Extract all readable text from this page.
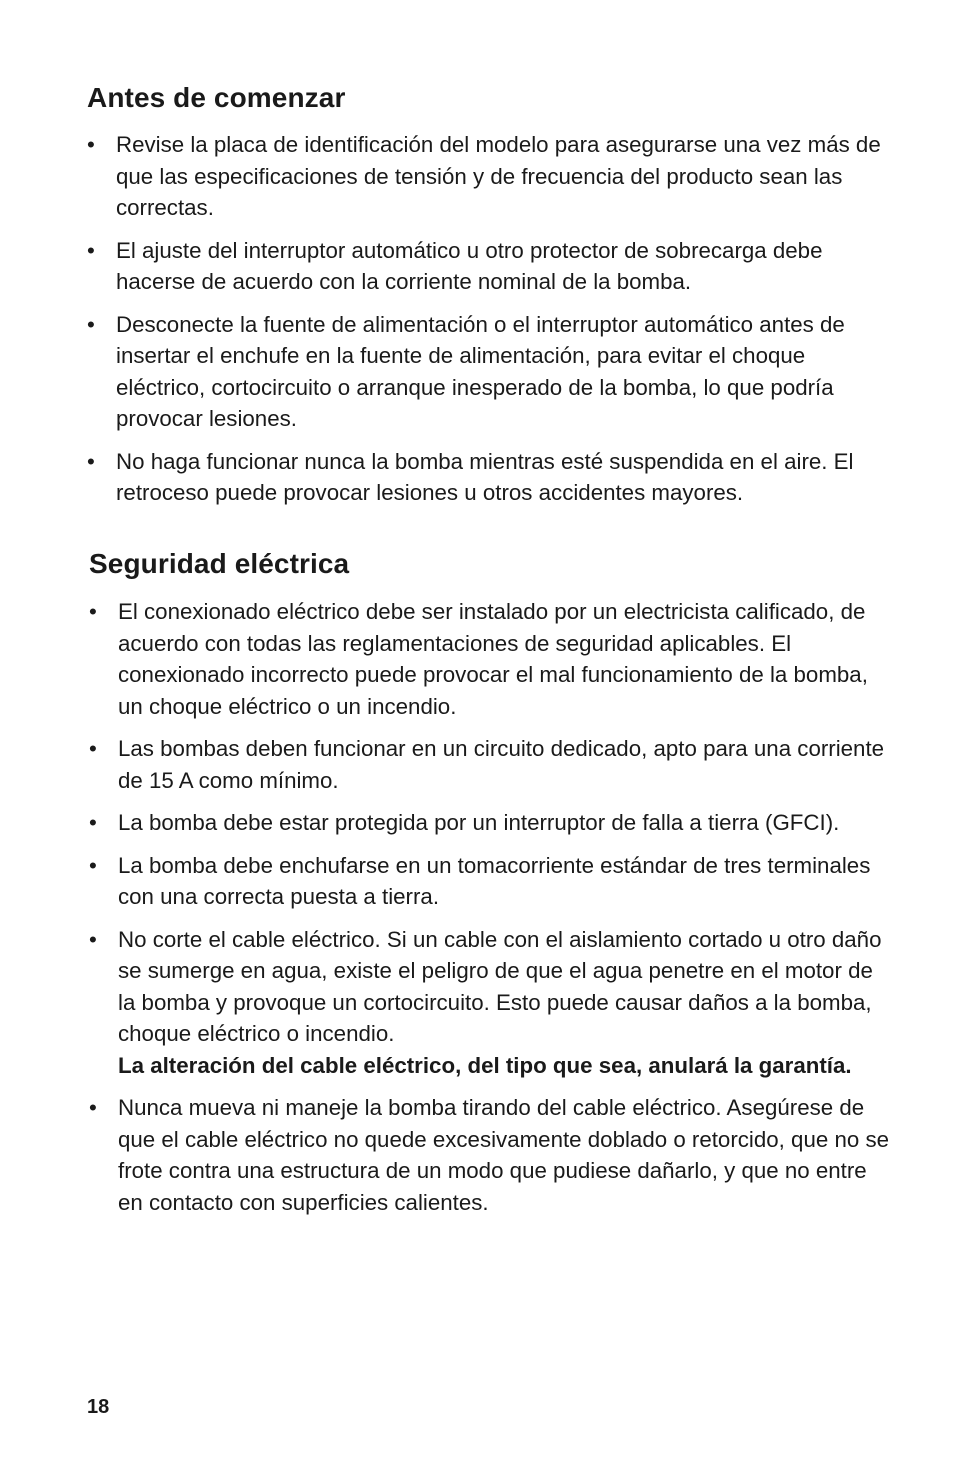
Antes de comenzar
• Revise la placa de identificación del modelo para asegurarse una vez más de que las especificaciones de tensión y de frecuencia del producto sean las correctas.
• El ajuste del interruptor automático u otro protector de sobrecarga debe hacerse de acuerdo con la corriente nominal de la bomba.
• Desconecte la fuente de alimentación o el interruptor automático antes de insertar el enchufe en la fuente de alimentación, para evitar el choque eléctrico, cortocircuito o arranque inesperado de la bomba, lo que podría provocar lesiones.
• No haga funcionar nunca la bomba mientras esté suspendida en el aire. El retroceso puede provocar lesiones u otros accidentes mayores.
Seguridad eléctrica
• El conexionado eléctrico debe ser instalado por un electricista calificado, de acuerdo con todas las reglamentaciones de seguridad aplicables. El conexionado incorrecto puede provocar el mal funcionamiento de la bomba, un choque eléctrico o un incendio.
• Las bombas deben funcionar en un circuito dedicado, apto para una corriente de 15 A como mínimo.
• La bomba debe estar protegida por un interruptor de falla a tierra (GFCI).
• La bomba debe enchufarse en un tomacorriente estándar de tres terminales con una correcta puesta a tierra.
• No corte el cable eléctrico. Si un cable con el aislamiento cortado u otro daño se sumerge en agua, existe el peligro de que el agua penetre en el motor de la bomba y provoque un cortocircuito. Esto puede causar daños a la bomba, choque eléctrico o incendio.
La alteración del cable eléctrico, del tipo que sea, anulará la garantía.
• Nunca mueva ni maneje la bomba tirando del cable eléctrico. Asegúrese de que el cable eléctrico no quede excesivamente doblado o retorcido, que no se frote contra una estructura de un modo que pudiese dañarlo, y que no entre en contacto con superficies calientes.

18
